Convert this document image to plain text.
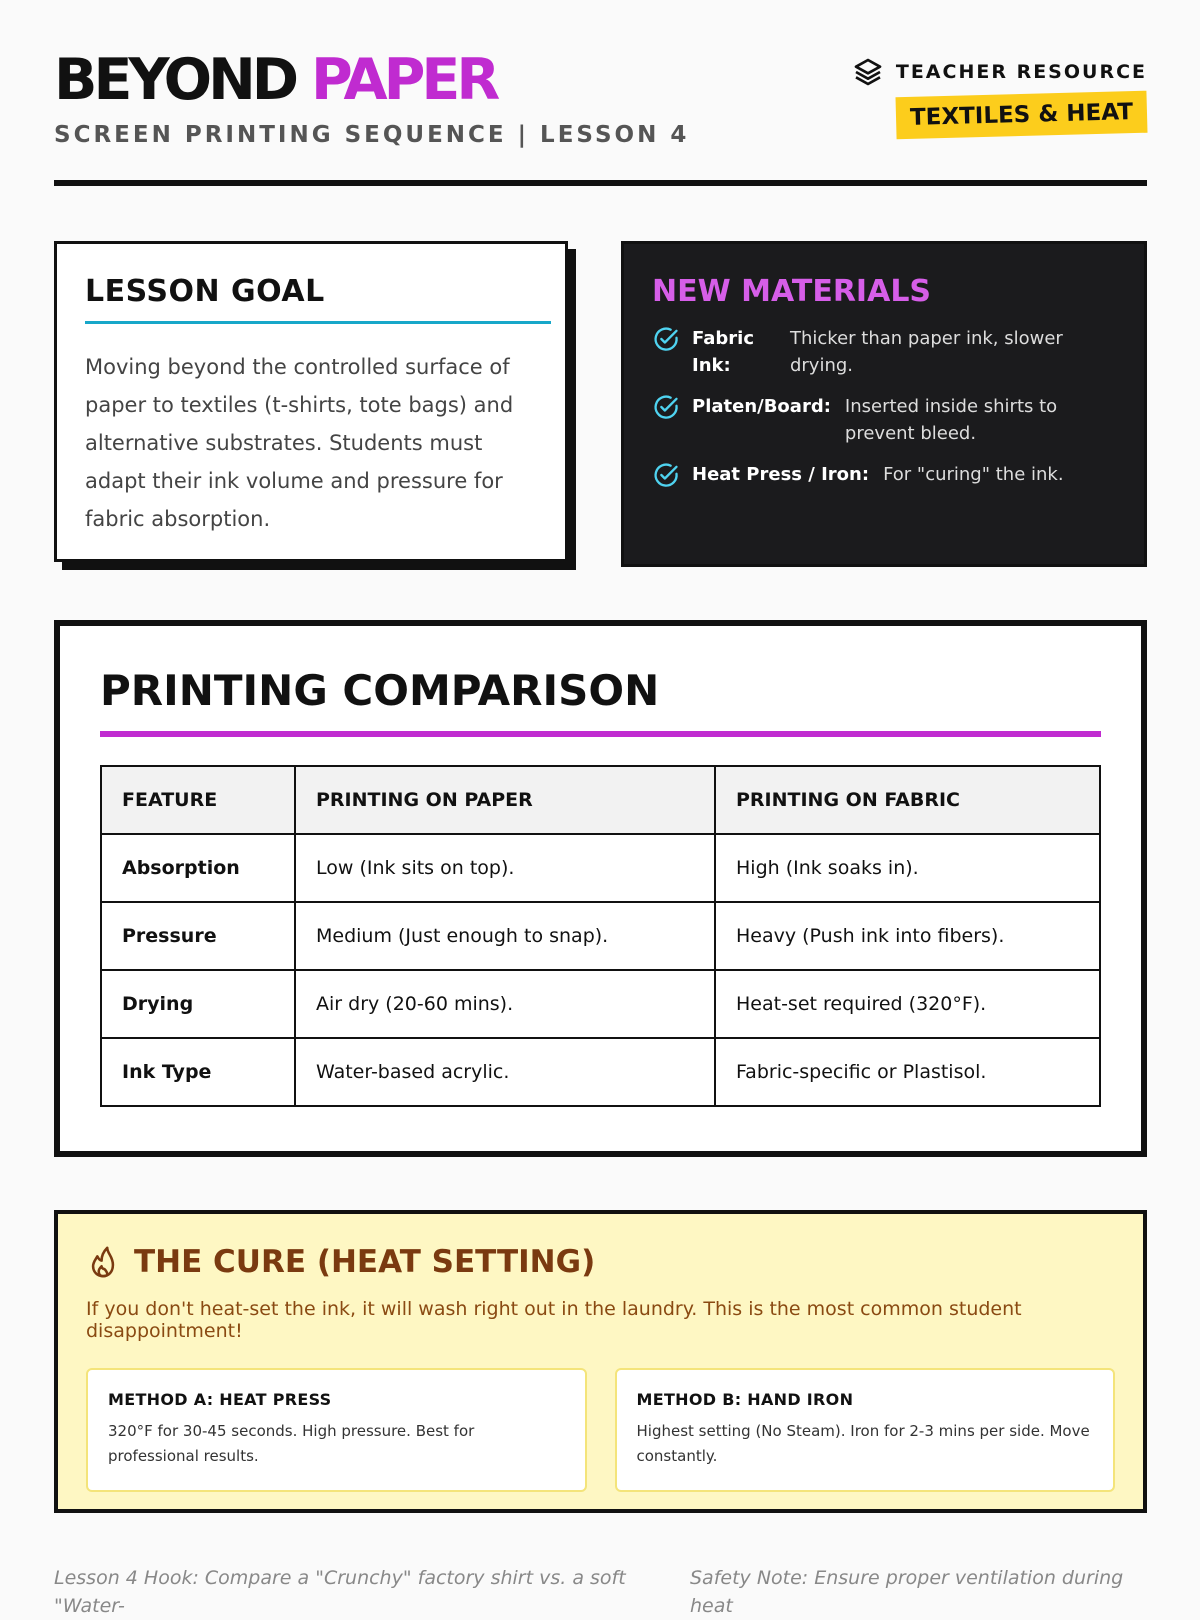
BEYOND PAPER
SCREEN PRINTING SEQUENCE | LESSON 4
TEACHER RESOURCE
TEXTILES & HEAT
LESSON GOAL

Moving beyond the controlled surface of paper to textiles (t-shirts, tote bags) and alternative substrates. Students must adapt their ink volume and pressure for fabric absorption.

NEW MATERIALS
Fabric Ink:
Thicker than paper ink, slower drying.
Platen/Board: Inserted inside shirts to prevent bleed.
Heat Press / Iron: For "curing" the ink.
PRINTING COMPARISON
FEATURE	PRINTING ON PAPER	PRINTING ON FABRIC
Absorption	Low (Ink sits on top).	High (Ink soaks in).
Pressure	Medium (Just enough to snap).	Heavy (Push ink into fibers).
Drying	Air dry (20-60 mins).	Heat-set required (320°F).
Ink Type	Water-based acrylic.	Fabric-specific or Plastisol.
THE CURE (HEAT SETTING)
If you don't heat-set the ink, it will wash right out in the laundry. This is the most common student disappointment!
METHOD A: HEAT PRESS

320°F for 30-45 seconds. High pressure. Best for professional results.

METHOD B: HAND IRON

Highest setting (No Steam). Iron for 2-3 mins per side. Move constantly.

Lesson 4 Hook: Compare a "Crunchy" factory shirt vs. a soft "Water-
Safety Note: Ensure proper ventilation during heat
